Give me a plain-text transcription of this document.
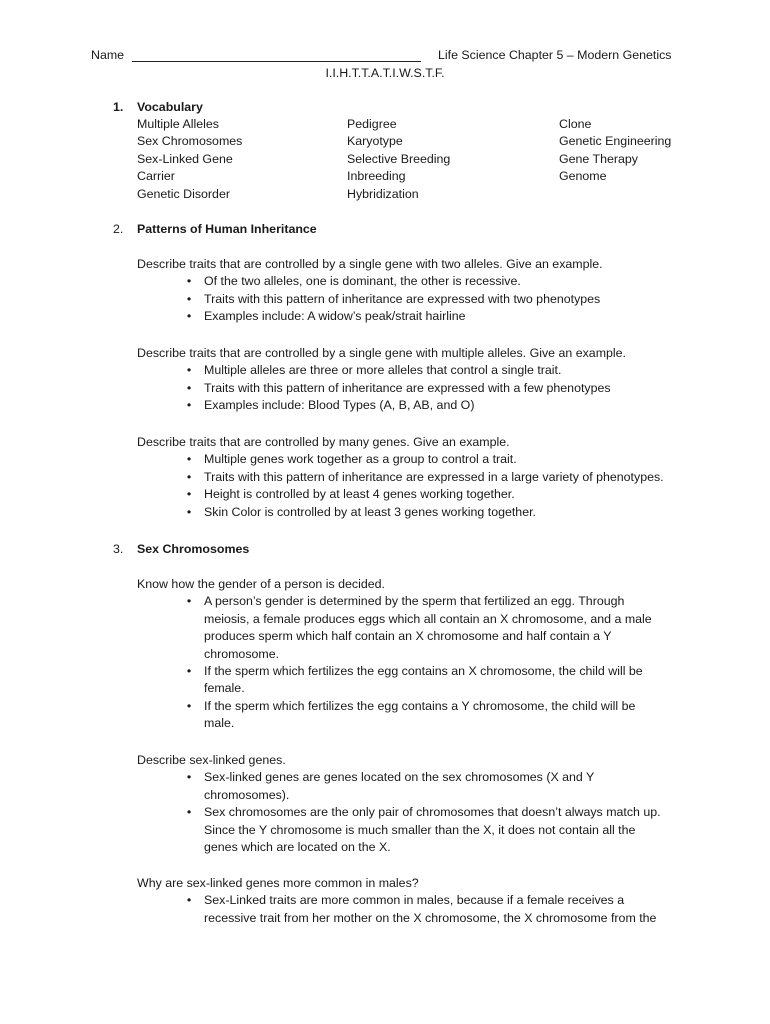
Name	Life Science Chapter 5 – Modern Genetics
I.I.H.T.T.A.T.I.W.S.T.F.
1. Vocabulary
Multiple Alleles
Sex Chromosomes
Sex-Linked Gene
Carrier
Genetic Disorder
Pedigree
Karyotype
Selective Breeding
Inbreeding
Hybridization
Clone
Genetic Engineering
Gene Therapy
Genome
2. Patterns of Human Inheritance
Describe traits that are controlled by a single gene with two alleles. Give an example.
• Of the two alleles, one is dominant, the other is recessive.
• Traits with this pattern of inheritance are expressed with two phenotypes
• Examples include: A widow’s peak/strait hairline
Describe traits that are controlled by a single gene with multiple alleles. Give an example.
• Multiple alleles are three or more alleles that control a single trait.
• Traits with this pattern of inheritance are expressed with a few phenotypes
• Examples include: Blood Types (A, B, AB, and O)
Describe traits that are controlled by many genes. Give an example.
• Multiple genes work together as a group to control a trait.
• Traits with this pattern of inheritance are expressed in a large variety of phenotypes.
• Height is controlled by at least 4 genes working together.
• Skin Color is controlled by at least 3 genes working together.
3. Sex Chromosomes
Know how the gender of a person is decided.
• A person’s gender is determined by the sperm that fertilized an egg. Through
meiosis, a female produces eggs which all contain an X chromosome, and a male
produces sperm which half contain an X chromosome and half contain a Y
chromosome.
• If the sperm which fertilizes the egg contains an X chromosome, the child will be
female.
• If the sperm which fertilizes the egg contains a Y chromosome, the child will be
male.
Describe sex-linked genes.
• Sex-linked genes are genes located on the sex chromosomes (X and Y
chromosomes).
• Sex chromosomes are the only pair of chromosomes that doesn’t always match up.
Since the Y chromosome is much smaller than the X, it does not contain all the
genes which are located on the X.
Why are sex-linked genes more common in males?
• Sex-Linked traits are more common in males, because if a female receives a
recessive trait from her mother on the X chromosome, the X chromosome from the
